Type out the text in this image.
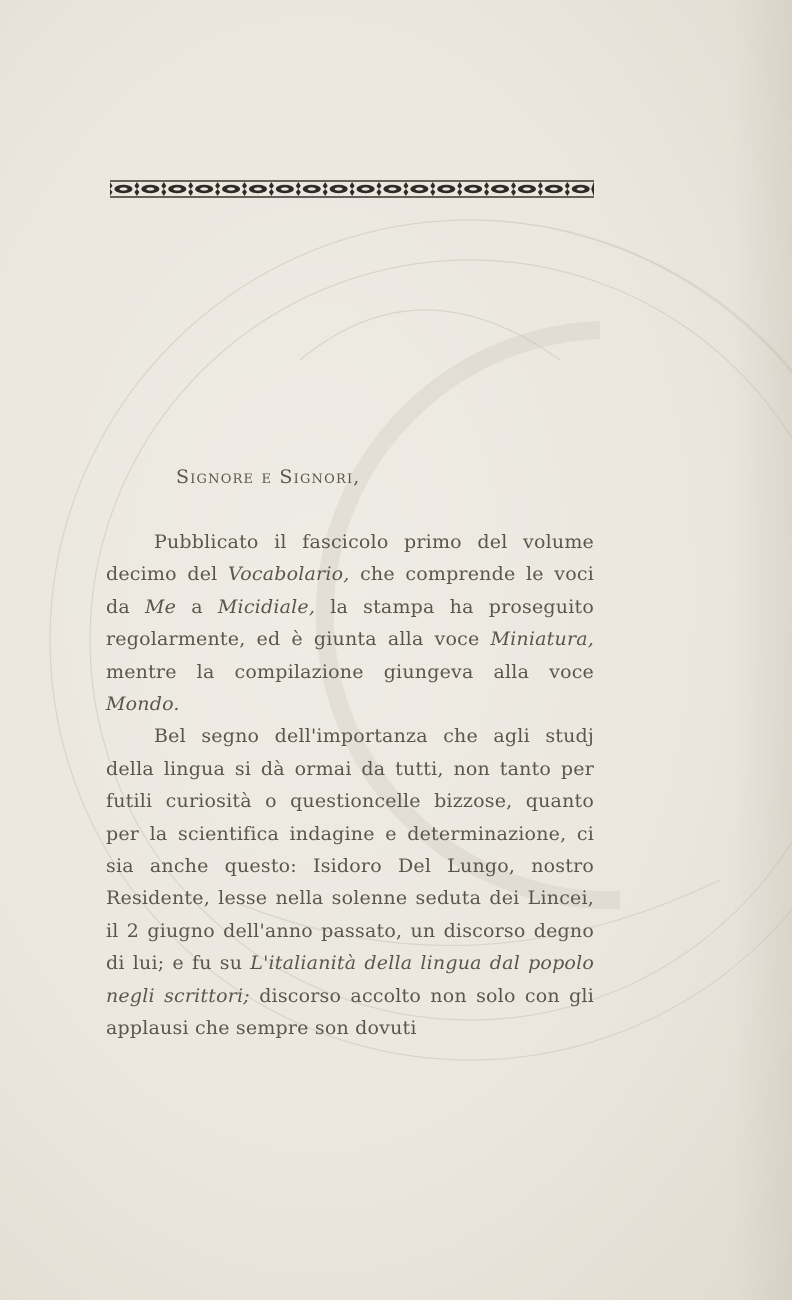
Signore e Signori,

Pubblicato il fascicolo primo del volume decimo del Vocabolario, che comprende le voci da Me a Micidiale, la stampa ha proseguito regolarmente, ed è giunta alla voce Miniatura, mentre la compilazione giungeva alla voce Mondo.

Bel segno dell'importanza che agli studj della lingua si dà ormai da tutti, non tanto per futili curiosità o questioncelle bizzose, quanto per la scientifica indagine e determinazione, ci sia anche questo: Isidoro Del Lungo, nostro Residente, lesse nella solenne seduta dei Lincei, il 2 giugno dell'anno passato, un discorso degno di lui; e fu su L'italianità della lingua dal popolo negli scrittori; discorso accolto non solo con gli applausi che sempre son dovuti
